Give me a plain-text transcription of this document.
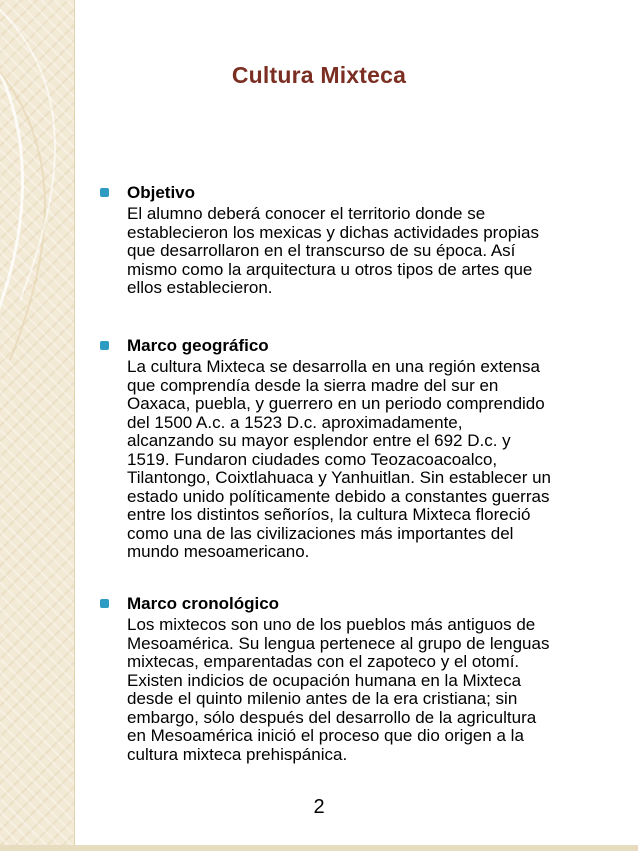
Cultura Mixteca
Objetivo
El alumno deberá conocer el territorio donde se
establecieron los mexicas y dichas actividades propias
que desarrollaron en el transcurso de su época. Así
mismo como la arquitectura u otros tipos de artes que
ellos establecieron.
Marco geográfico
La cultura Mixteca se desarrolla en una región extensa
que comprendía desde la sierra madre del sur en
Oaxaca, puebla, y guerrero en un periodo comprendido
del 1500 A.c. a 1523 D.c. aproximadamente,
alcanzando su mayor esplendor entre el 692 D.c. y
1519. Fundaron ciudades como Teozacoacoalco,
Tilantongo, Coixtlahuaca y Yanhuitlan. Sin establecer un
estado unido políticamente debido a constantes guerras
entre los distintos señoríos, la cultura Mixteca floreció
como una de las civilizaciones más importantes del
mundo mesoamericano.
Marco cronológico
Los mixtecos son uno de los pueblos más antiguos de
Mesoamérica. Su lengua pertenece al grupo de lenguas
mixtecas, emparentadas con el zapoteco y el otomí.
Existen indicios de ocupación humana en la Mixteca
desde el quinto milenio antes de la era cristiana; sin
embargo, sólo después del desarrollo de la agricultura
en Mesoamérica inició el proceso que dio origen a la
cultura mixteca prehispánica.
2
